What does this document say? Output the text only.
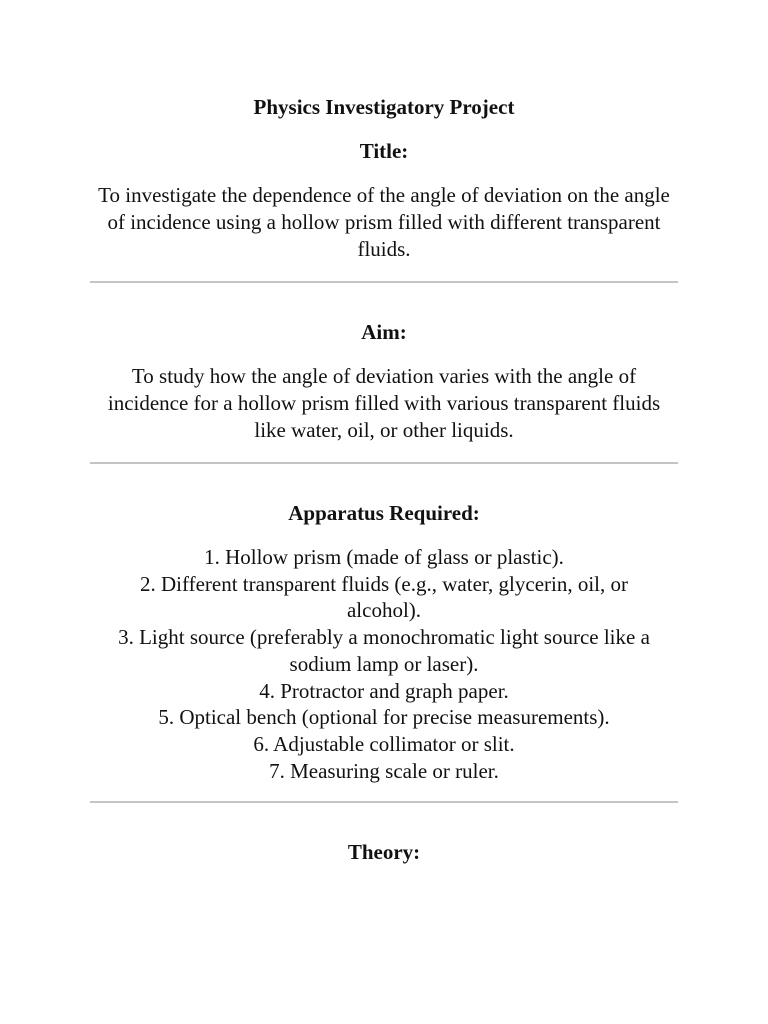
Physics Investigatory Project

Title:

To investigate the dependence of the angle of deviation on the angle of incidence using a hollow prism filled with different transparent fluids.

Aim:

To study how the angle of deviation varies with the angle of incidence for a hollow prism filled with various transparent fluids like water, oil, or other liquids.

Apparatus Required:

1. Hollow prism (made of glass or plastic).
2. Different transparent fluids (e.g., water, glycerin, oil, or alcohol).
3. Light source (preferably a monochromatic light source like a sodium lamp or laser).
4. Protractor and graph paper.
5. Optical bench (optional for precise measurements).
6. Adjustable collimator or slit.
7. Measuring scale or ruler.

Theory:
